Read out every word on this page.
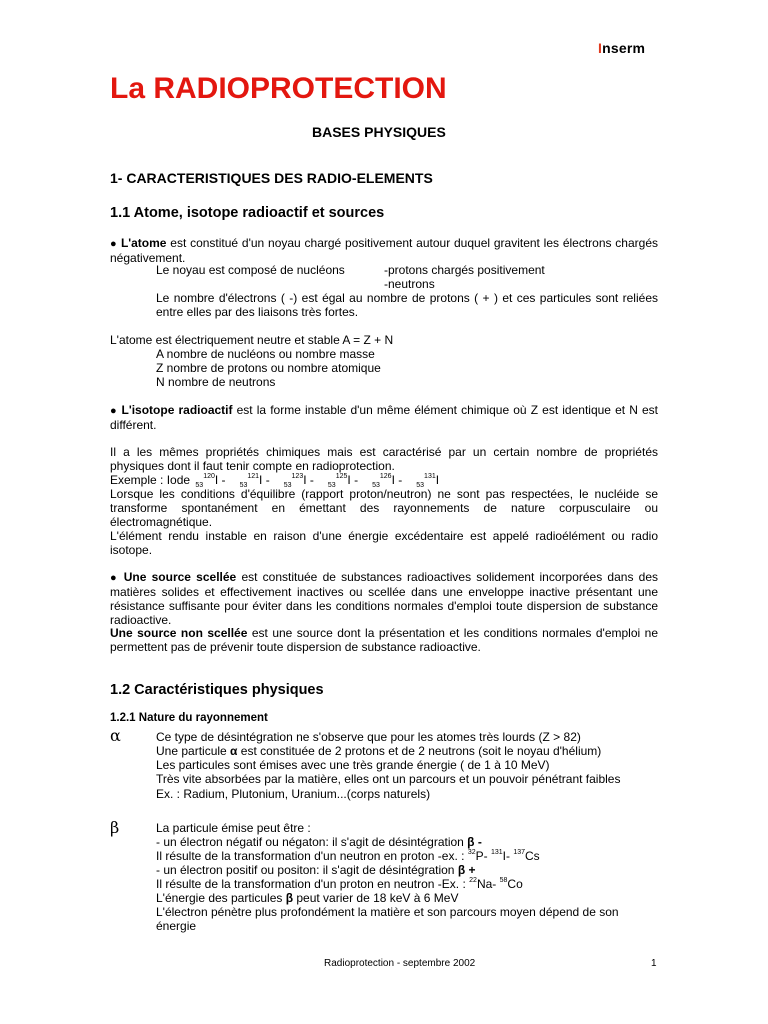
Inserm
La RADIOPROTECTION
BASES PHYSIQUES
1- CARACTERISTIQUES DES RADIO-ELEMENTS
1.1 Atome, isotope radioactif et sources
● L'atome est constitué d'un noyau chargé positivement autour duquel gravitent les électrons chargés négativement.
Le noyau est composé de nucléons	-protons chargés positivement
-neutrons
Le nombre d'électrons ( -) est égal au nombre de protons ( + ) et ces particules sont reliées entre elles par des liaisons très fortes.
L'atome est électriquement neutre et stable A = Z + N
A nombre de nucléons ou nombre masse
Z nombre de protons ou nombre atomique
N nombre de neutrons
● L'isotope radioactif est la forme instable d'un même élément chimique où Z est identique et N est différent.
Il a les mêmes propriétés chimiques mais est caractérisé par un certain nombre de propriétés physiques dont il faut tenir compte en radioprotection.
Exemple : Iode $_{53}^{120}$I - $_{53}^{121}$I - $_{53}^{123}$I - $_{53}^{125}$I - $_{53}^{126}$I - $_{53}^{131}$I
Lorsque les conditions d'équilibre (rapport proton/neutron) ne sont pas respectées, le nucléide se transforme spontanément en émettant des rayonnements de nature corpusculaire ou électromagnétique.
L'élément rendu instable en raison d'une énergie excédentaire est appelé radioélément ou radio isotope.
● Une source scellée est constituée de substances radioactives solidement incorporées dans des matières solides et effectivement inactives ou scellée dans une enveloppe inactive présentant une résistance suffisante pour éviter dans les conditions normales d'emploi toute dispersion de substance radioactive.
Une source non scellée est une source dont la présentation et les conditions normales d'emploi ne permettent pas de prévenir toute dispersion de substance radioactive.
1.2 Caractéristiques physiques
1.2.1 Nature du rayonnement
α	Ce type de désintégration ne s'observe que pour les atomes très lourds (Z > 82)
Une particule α est constituée de 2 protons et de 2 neutrons (soit le noyau d'hélium)
Les particules sont émises avec une très grande énergie ( de 1 à 10 MeV)
Très vite absorbées par la matière, elles ont un parcours et un pouvoir pénétrant faibles
Ex. : Radium, Plutonium, Uranium...(corps naturels)
β	La particule émise peut être :
- un électron négatif ou négaton: il s'agit de désintégration β -
Il résulte de la transformation d'un neutron en proton -ex. : $^{32}$P- $^{131}$I- $^{137}$Cs
- un électron positif ou positon: il s'agit de désintégration β +
Il résulte de la transformation d'un proton en neutron -Ex. : $^{22}$Na- $^{58}$Co
L'énergie des particules β peut varier de 18 keV à 6 MeV
L'électron pénètre plus profondément la matière et son parcours moyen dépend de son énergie
Radioprotection - septembre 2002	1
